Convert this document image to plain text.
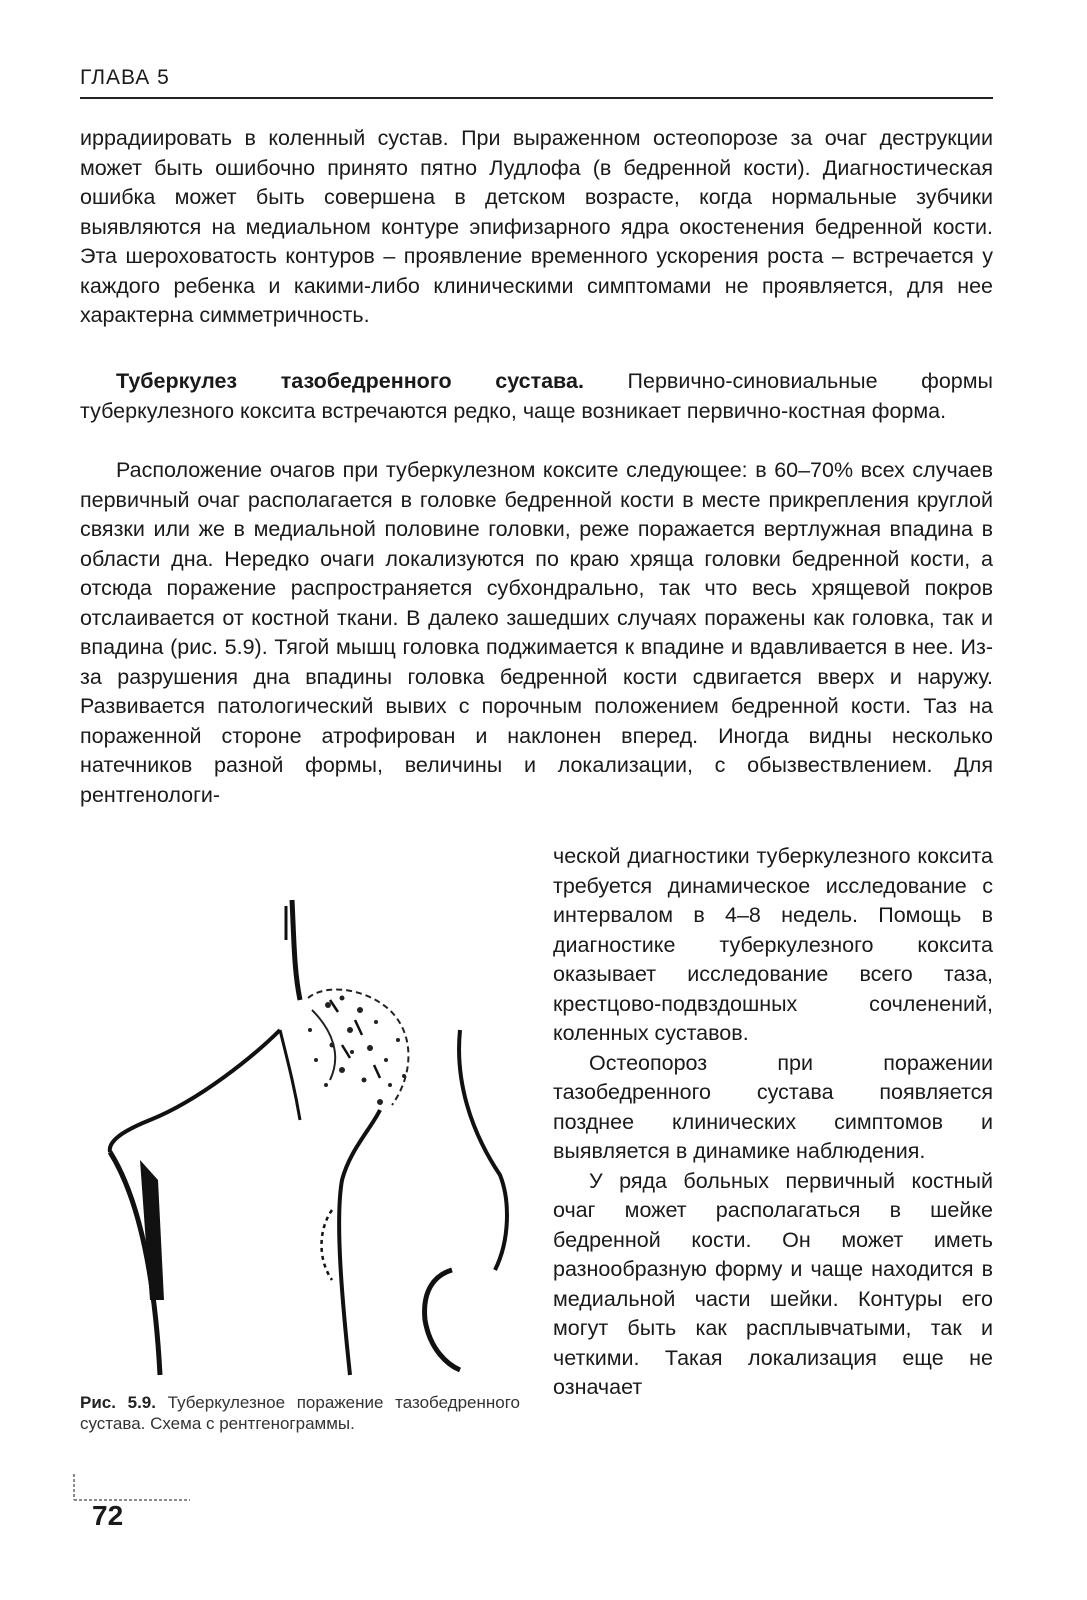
ГЛАВА 5

иррадиировать в коленный сустав. При выраженном остеопорозе за очаг деструкции может быть ошибочно принято пятно Лудлофа (в бедренной кости). Диагностическая ошибка может быть совершена в детском возрасте, когда нормальные зубчики выявляются на медиальном контуре эпифизарного ядра окостенения бедренной кости. Эта шероховатость контуров – проявление временного ускорения роста – встречается у каждого ребенка и какими-либо клиническими симптомами не проявляется, для нее характерна симметричность.

Туберкулез тазобедренного сустава. Первично-синовиальные формы туберкулезного коксита встречаются редко, чаще возникает первично-костная форма.

Расположение очагов при туберкулезном коксите следующее: в 60–70% всех случаев первичный очаг располагается в головке бедренной кости в месте прикрепления круглой связки или же в медиальной половине головки, реже поражается вертлужная впадина в области дна. Нередко очаги локализуются по краю хряща головки бедренной кости, а отсюда поражение распространяется субхондрально, так что весь хрящевой покров отслаивается от костной ткани. В далеко зашедших случаях поражены как головка, так и впадина (рис. 5.9). Тягой мышц головка поджимается к впадине и вдавливается в нее. Из-за разрушения дна впадины головка бедренной кости сдвигается вверх и наружу. Развивается патологический вывих с порочным положением бедренной кости. Таз на пораженной стороне атрофирован и наклонен вперед. Иногда видны несколько натечников разной формы, величины и локализации, с обызвествлением. Для рентгенологи-

ческой диагностики туберкулезного коксита требуется динамическое исследование с интервалом в 4–8 недель. Помощь в диагностике туберкулезного коксита оказывает исследование всего таза, крестцово-подвздошных сочленений, коленных суставов.

Остеопороз при поражении тазобедренного сустава появляется позднее клинических симптомов и выявляется в динамике наблюдения.

У ряда больных первичный костный очаг может располагаться в шейке бедренной кости. Он может иметь разнообразную форму и чаще находится в медиальной части шейки. Контуры его могут быть как расплывчатыми, так и четкими. Такая локализация еще не означает

Рис. 5.9. Туберкулезное поражение тазобедренного сустава. Схема с рентгенограммы.
72
